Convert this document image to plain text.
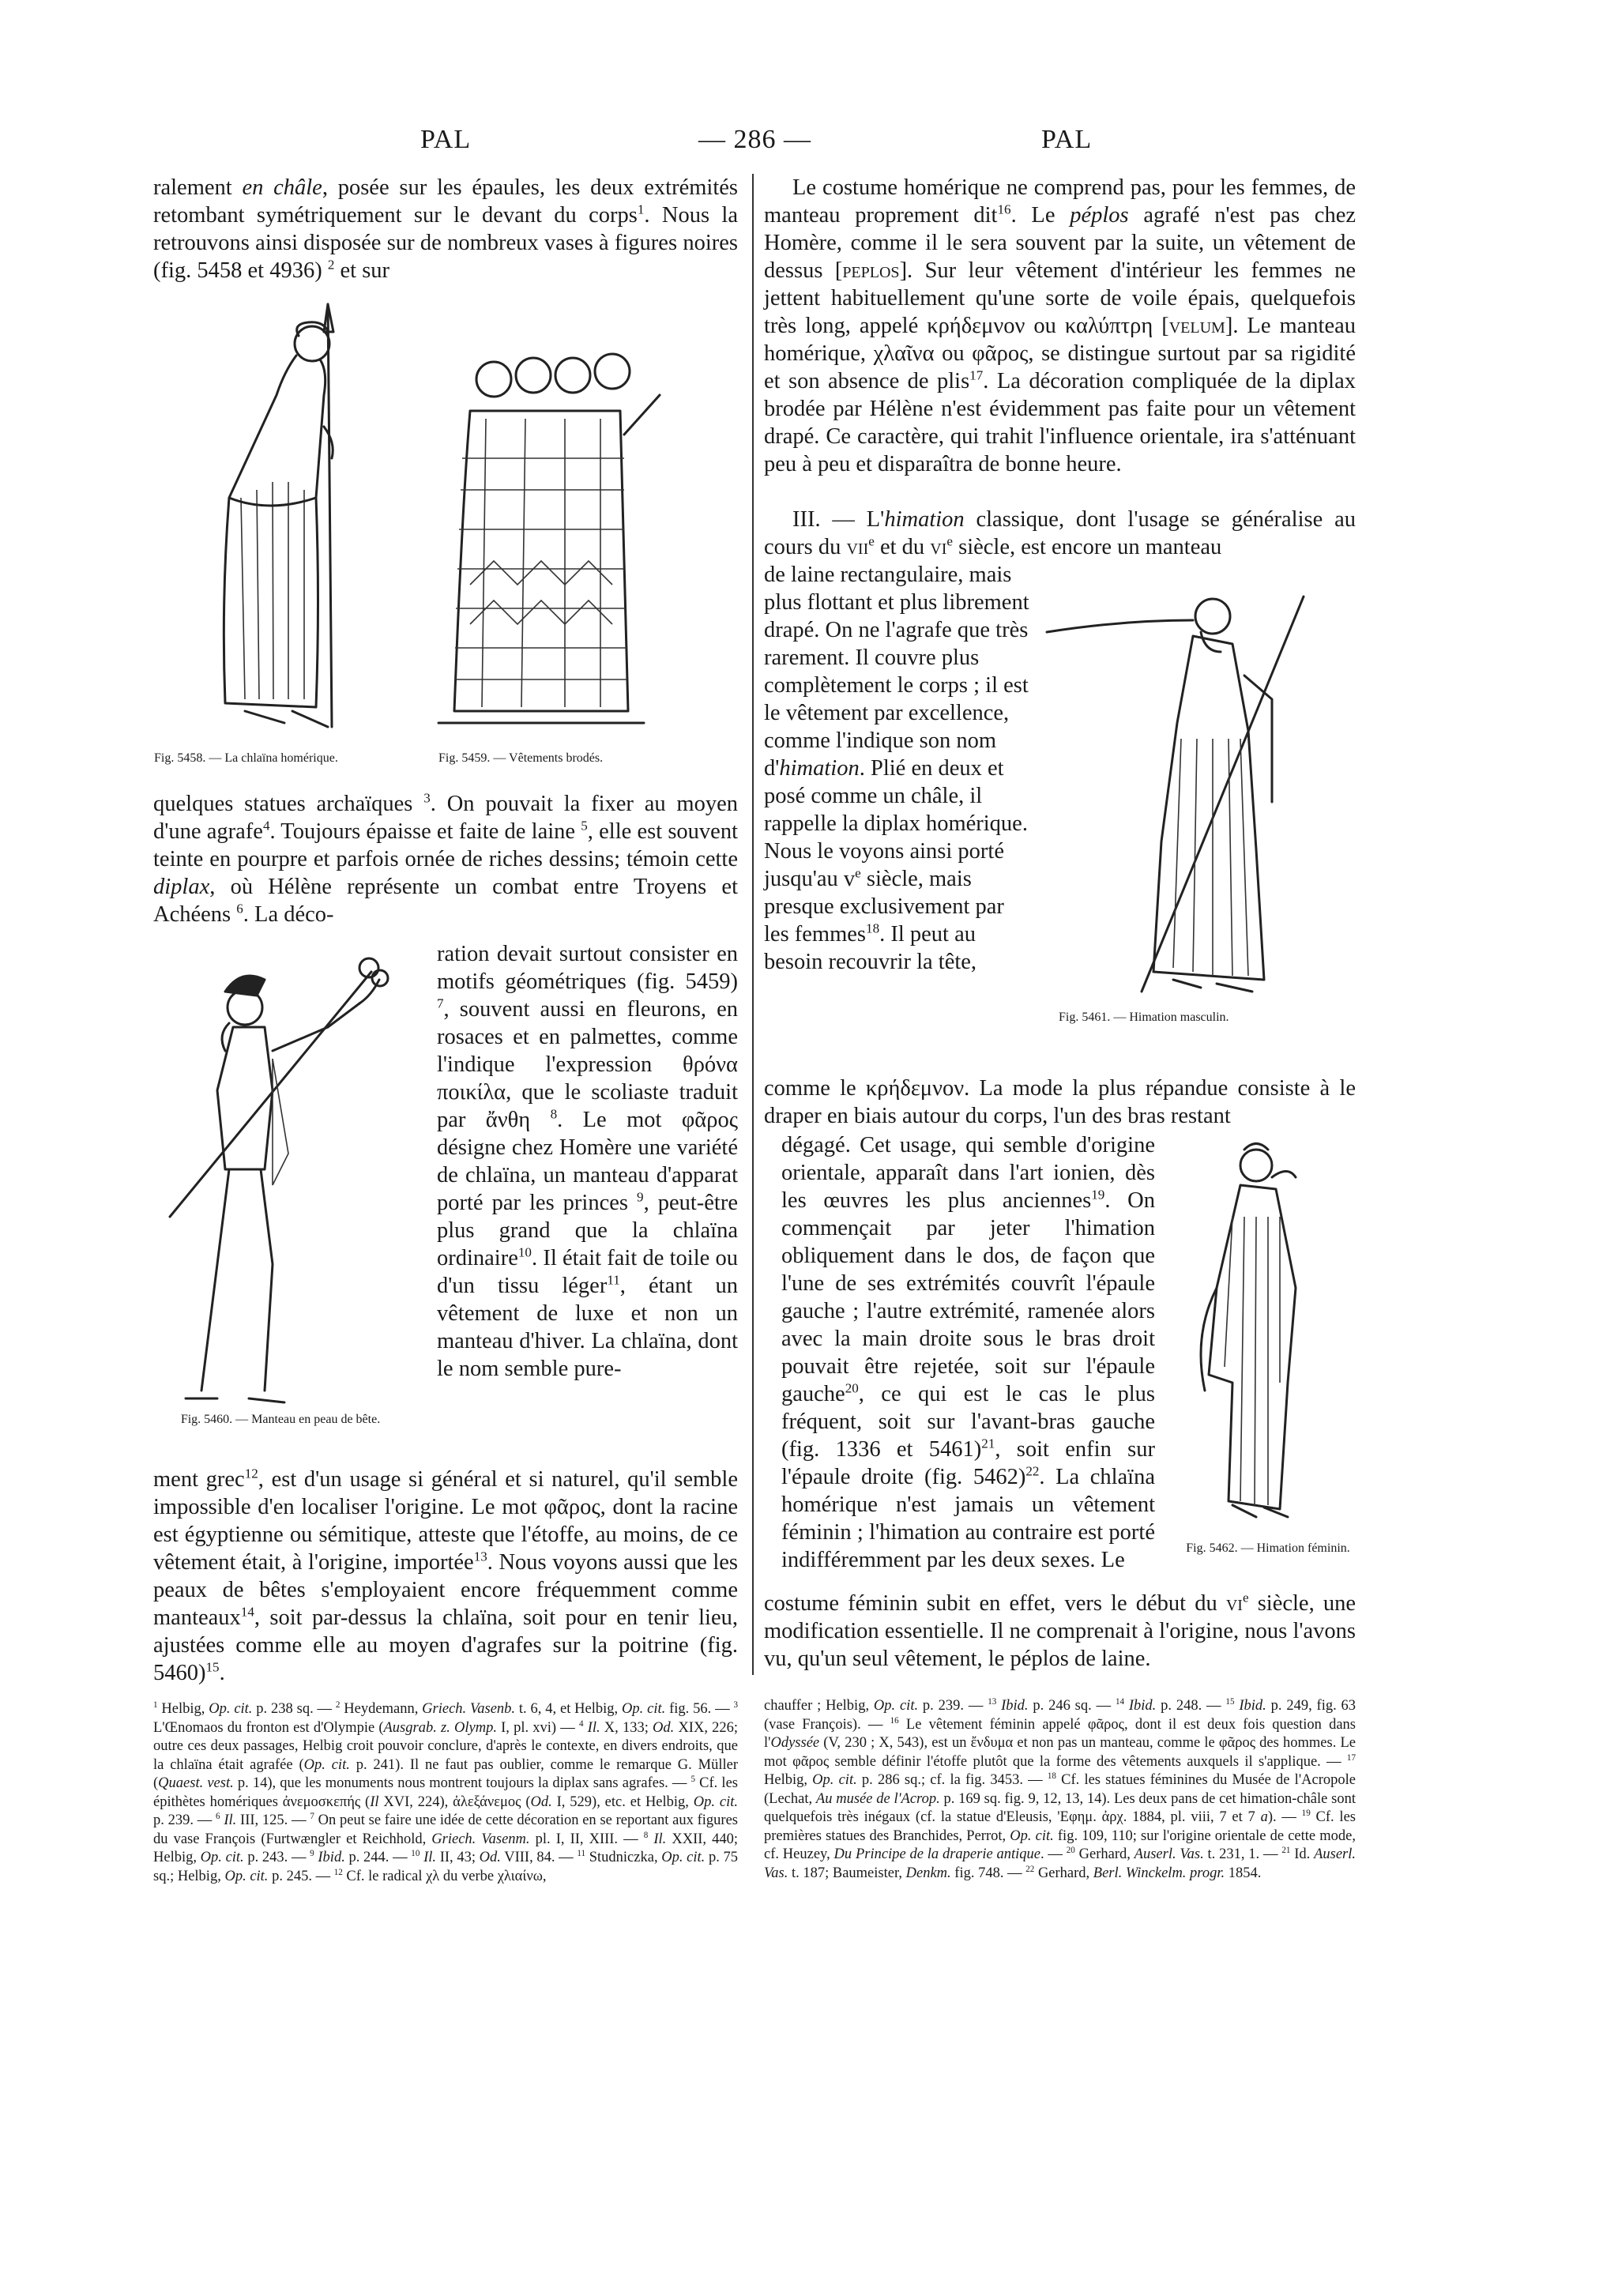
PAL	— 286 —	PAL
ralement en châle, posée sur les épaules, les deux extrémités retombant symétriquement sur le devant du corps$^1$. Nous la retrouvons ainsi disposée sur de nombreux vases à figures noires (fig. 5458 et 4936) $^2$ et sur
Fig. 5458. — La chlaïna homérique.	Fig. 5459. — Vêtements brodés.
quelques statues archaïques $^3$. On pouvait la fixer au moyen d'une agrafe$^4$. Toujours épaisse et faite de laine $^5$, elle est souvent teinte en pourpre et parfois ornée de riches dessins; témoin cette diplax, où Hélène représente un combat entre Troyens et Achéens $^6$. La déco-
Fig. 5460. — Manteau en peau de bête.
ration devait surtout consister en motifs géométriques (fig. 5459) $^7$, souvent aussi en fleurons, en rosaces et en palmettes, comme l'indique l'expression θρόνα ποικίλα, que le scoliaste traduit par ἄνθη $^8$. Le mot φᾶρος désigne chez Homère une variété de chlaïna, un manteau d'apparat porté par les princes $^9$, peut-être plus grand que la chlaïna ordinaire$^{10}$. Il était fait de toile ou d'un tissu léger$^{11}$, étant un vêtement de luxe et non un manteau d'hiver. La chlaïna, dont le nom semble pure-
ment grec$^{12}$, est d'un usage si général et si naturel, qu'il semble impossible d'en localiser l'origine. Le mot φᾶρος, dont la racine est égyptienne ou sémitique, atteste que l'étoffe, au moins, de ce vêtement était, à l'origine, importée$^{13}$. Nous voyons aussi que les peaux de bêtes s'employaient encore fréquemment comme manteaux$^{14}$, soit par-dessus la chlaïna, soit pour en tenir lieu, ajustées comme elle au moyen d'agrafes sur la poitrine (fig. 5460)$^{15}$.
$^1$ Helbig, Op. cit. p. 238 sq. — $^2$ Heydemann, Griech. Vasenb. t. 6, 4, et Helbig, Op. cit. fig. 56. — $^3$ L'Œnomaos du fronton est d'Olympie (Ausgrab. z. Olymp. I, pl. xvi) — $^4$ Il. X, 133; Od. XIX, 226; outre ces deux passages, Helbig croit pouvoir conclure, d'après le contexte, en divers endroits, que la chlaïna était agrafée (Op. cit. p. 241). Il ne faut pas oublier, comme le remarque G. Müller (Quaest. vest. p. 14), que les monuments nous montrent toujours la diplax sans agrafes. — $^5$ Cf. les épithètes homériques ἀνεμοσκεπής (Il XVI, 224), ἀλεξάνεμος (Od. I, 529), etc. et Helbig, Op. cit. p. 239. — $^6$ Il. III, 125. — $^7$ On peut se faire une idée de cette décoration en se reportant aux figures du vase François (Furtwængler et Reichhold, Griech. Vasenm. pl. I, II, XIII. — $^8$ Il. XXII, 440; Helbig, Op. cit. p. 243. — $^9$ Ibid. p. 244. — $^{10}$ Il. II, 43; Od. VIII, 84. — $^{11}$ Studniczka, Op. cit. p. 75 sq.; Helbig, Op. cit. p. 245. — $^{12}$ Cf. le radical χλ du verbe χλιαίνω,
Le costume homérique ne comprend pas, pour les femmes, de manteau proprement dit$^{16}$. Le péplos agrafé n'est pas chez Homère, comme il le sera souvent par la suite, un vêtement de dessus [peplos]. Sur leur vêtement d'intérieur les femmes ne jettent habituellement qu'une sorte de voile épais, quelquefois très long, appelé κρήδεμνον ou καλύπτρη [velum]. Le manteau homérique, χλαῖνα ou φᾶρος, se distingue surtout par sa rigidité et son absence de plis$^{17}$. La décoration compliquée de la diplax brodée par Hélène n'est évidemment pas faite pour un vêtement drapé. Ce caractère, qui trahit l'influence orientale, ira s'atténuant peu à peu et disparaîtra de bonne heure.
III. — L'himation classique, dont l'usage se généralise au cours du vii$^e$ et du $vi^e$ siècle, est encore un manteau
de laine rectangulaire, mais plus flottant et plus librement drapé. On ne l'agrafe que très rarement. Il couvre plus complètement le corps ; il est le vêtement par excellence, comme l'indique son nom d'himation. Plié en deux et posé comme un châle, il rappelle la diplax homérique. Nous le voyons ainsi porté jusqu'au $v^e$ siècle, mais presque exclusivement par les femmes$^{18}$. Il peut au besoin recouvrir la tête,
Fig. 5461. — Himation masculin.
comme le κρήδεμνον. La mode la plus répandue consiste à le draper en biais autour du corps, l'un des bras restant
dégagé. Cet usage, qui semble d'origine orientale, apparaît dans l'art ionien, dès les œuvres les plus anciennes$^{19}$. On commençait par jeter l'himation obliquement dans le dos, de façon que l'une de ses extrémités couvrît l'épaule gauche ; l'autre extrémité, ramenée alors avec la main droite sous le bras droit pouvait être rejetée, soit sur l'épaule gauche$^{20}$, ce qui est le cas le plus fréquent, soit sur l'avant-bras gauche (fig. 1336 et 5461)$^{21}$, soit enfin sur l'épaule droite (fig. 5462)$^{22}$. La chlaïna homérique n'est jamais un vêtement féminin ; l'himation au contraire est porté indifféremment par les deux sexes. Le	Fig. 5462. — Himation féminin.
costume féminin subit en effet, vers le début du $vi^e$ siècle, une modification essentielle. Il ne comprenait à l'origine, nous l'avons vu, qu'un seul vêtement, le péplos de laine.
chauffer ; Helbig, Op. cit. p. 239. — $^{13}$ Ibid. p. 246 sq. — $^{14}$ Ibid. p. 248. — $^{15}$ Ibid. p. 249, fig. 63 (vase François). — $^{16}$ Le vêtement féminin appelé φᾶρος, dont il est deux fois question dans l'Odyssée (V, 230 ; X, 543), est un ἔνδυμα et non pas un manteau, comme le φᾶρος des hommes. Le mot φᾶρος semble définir l'étoffe plutôt que la forme des vêtements auxquels il s'applique. — $^{17}$ Helbig, Op. cit. p. 286 sq.; cf. la fig. 3453. — $^{18}$ Cf. les statues féminines du Musée de l'Acropole (Lechat, Au musée de l'Acrop. p. 169 sq. fig. 9, 12, 13, 14). Les deux pans de cet himation-châle sont quelquefois très inégaux (cf. la statue d'Eleusis, 'Εφημ. ἀρχ. 1884, pl. viii, 7 et 7 a). — $^{19}$ Cf. les premières statues des Branchides, Perrot, Op. cit. fig. 109, 110; sur l'origine orientale de cette mode, cf. Heuzey, Du Principe de la draperie antique. — $^{20}$ Gerhard, Auserl. Vas. t. 231, 1. — $^{21}$ Id. Auserl. Vas. t. 187; Baumeister, Denkm. fig. 748. — $^{22}$ Gerhard, Berl. Winckelm. progr. 1854.
